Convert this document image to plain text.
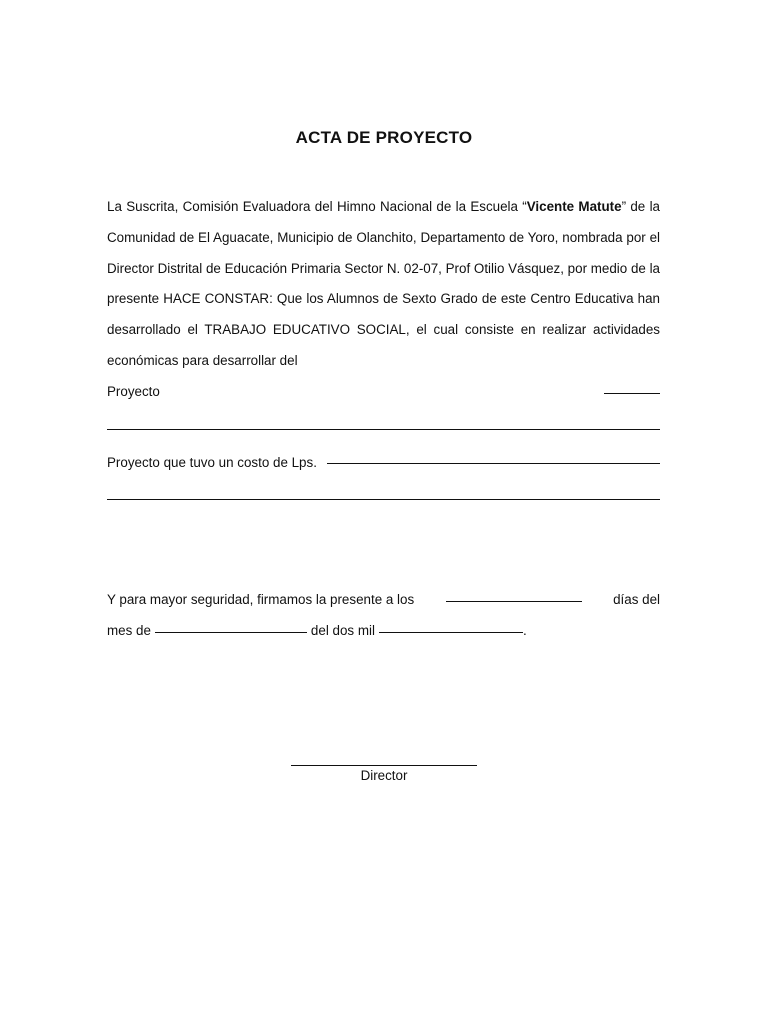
ACTA DE PROYECTO
La Suscrita, Comisión Evaluadora del Himno Nacional de la Escuela “Vicente Matute” de la Comunidad de El Aguacate, Municipio de Olanchito, Departamento de Yoro, nombrada por el Director Distrital de Educación Primaria Sector N. 02-07, Prof Otilio Vásquez, por medio de la presente HACE CONSTAR: Que los Alumnos de Sexto Grado de este Centro Educativa han desarrollado el TRABAJO EDUCATIVO SOCIAL, el cual consiste en realizar actividades económicas para desarrollar del
Proyecto
Proyecto que tuvo un costo de Lps.
Y para mayor seguridad, firmamos la presente a los	días del
mes de	del dos mil	.
Director
